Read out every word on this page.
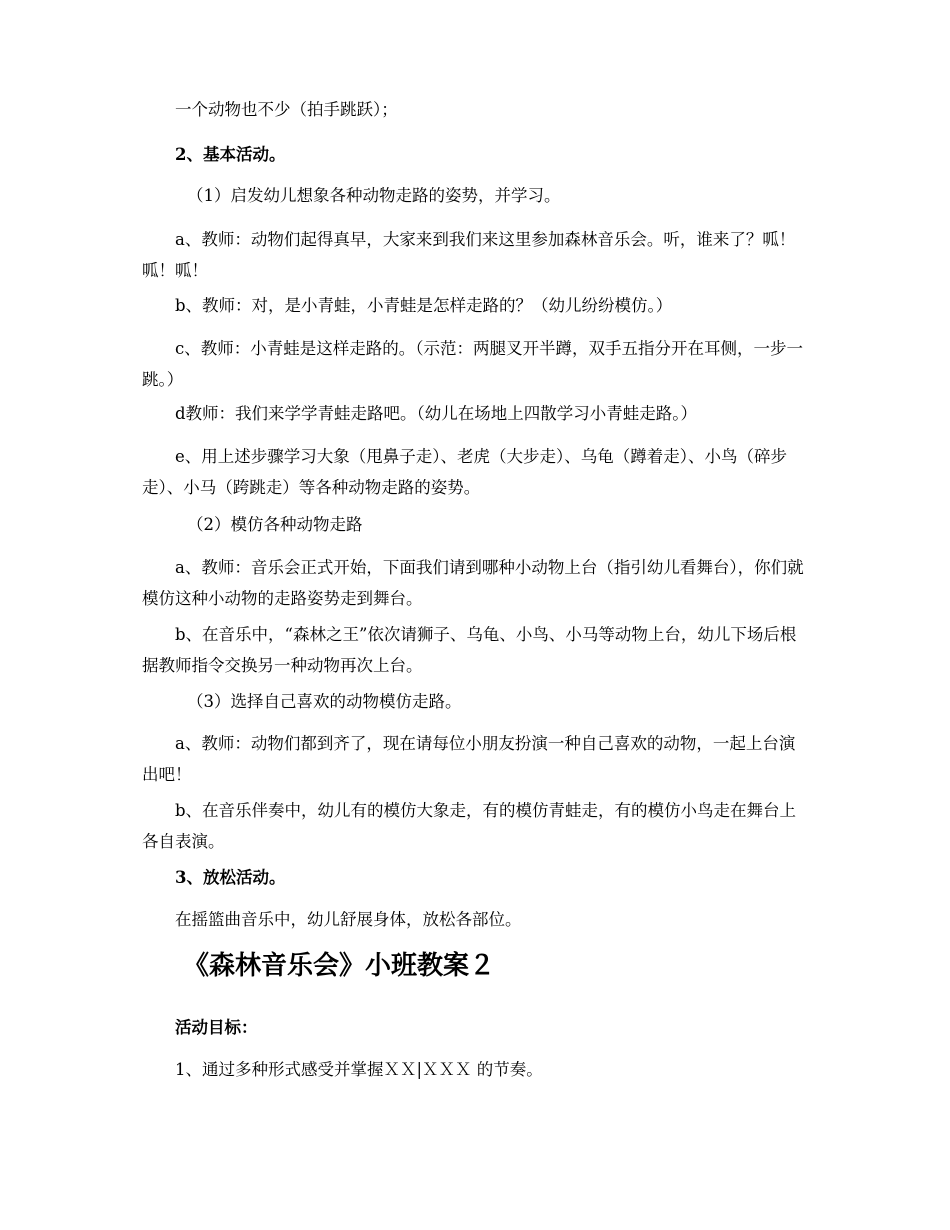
一个动物也不少（拍手跳跃）；

2、基本活动。

（1）启发幼儿想象各种动物走路的姿势，并学习。

a、教师：动物们起得真早，大家来到我们来这里参加森林音乐会。听，谁来了？呱！呱！呱！

b、教师：对，是小青蛙，小青蛙是怎样走路的？（幼儿纷纷模仿。）

c、教师：小青蛙是这样走路的。（示范：两腿叉开半蹲，双手五指分开在耳侧，一步一跳。）

d教师：我们来学学青蛙走路吧。（幼儿在场地上四散学习小青蛙走路。）

e、用上述步骤学习大象（甩鼻子走）、老虎（大步走）、乌龟（蹲着走）、小鸟（碎步走）、小马（跨跳走）等各种动物走路的姿势。

（2）模仿各种动物走路

a、教师：音乐会正式开始，下面我们请到哪种小动物上台（指引幼儿看舞台），你们就模仿这种小动物的走路姿势走到舞台。

b、在音乐中，“森林之王”依次请狮子、乌龟、小鸟、小马等动物上台，幼儿下场后根据教师指令交换另一种动物再次上台。

（3）选择自己喜欢的动物模仿走路。

a、教师：动物们都到齐了，现在请每位小朋友扮演一种自己喜欢的动物，一起上台演出吧！

b、在音乐伴奏中，幼儿有的模仿大象走，有的模仿青蛙走，有的模仿小鸟走在舞台上各自表演。

3、放松活动。

在摇篮曲音乐中，幼儿舒展身体，放松各部位。

《森林音乐会》小班教案２

活动目标：

1、通过多种形式感受并掌握ＸＸ|ＸＸＸ 的节奏。
